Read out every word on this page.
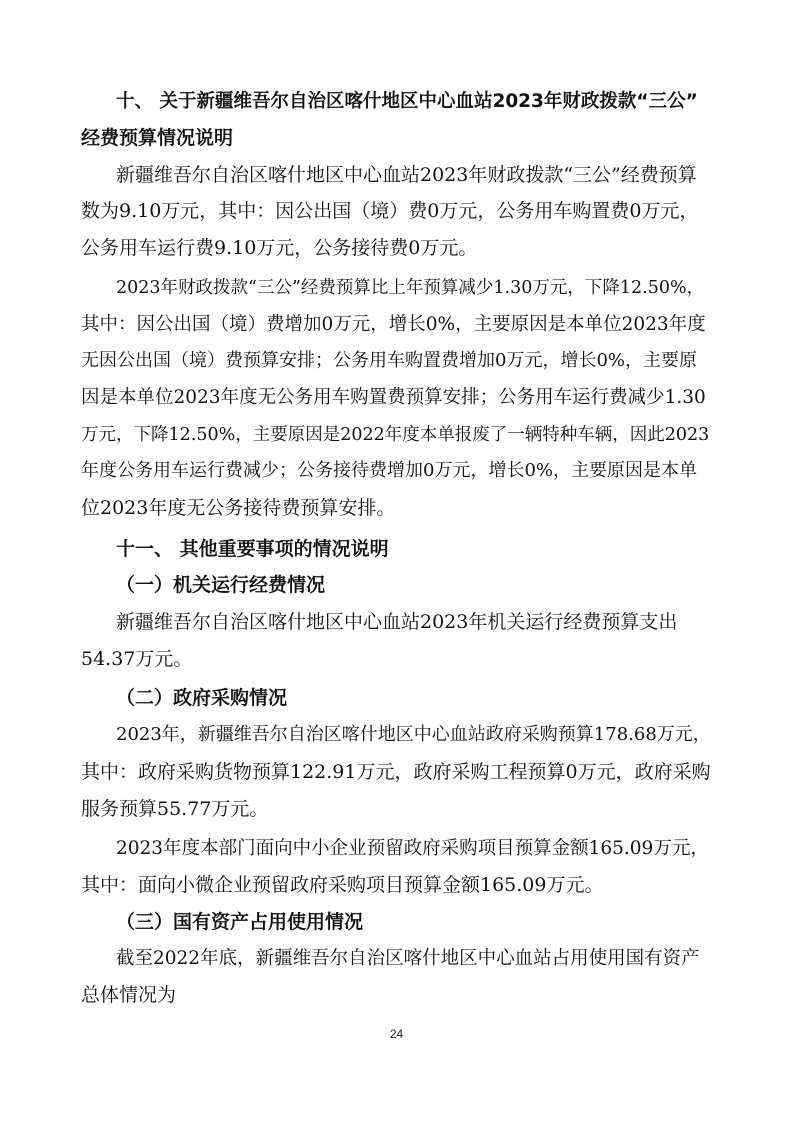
十、 关于新疆维吾尔自治区喀什地区中心血站2023年财政拨款“三公”
经费预算情况说明
新疆维吾尔自治区喀什地区中心血站2023年财政拨款“三公”经费预算
数为9.10万元，其中：因公出国（境）费0万元，公务用车购置费0万元，
公务用车运行费9.10万元，公务接待费0万元。
2023年财政拨款“三公”经费预算比上年预算减少1.30万元，下降12.50%，
其中：因公出国（境）费增加0万元，增长0%，主要原因是本单位2023年度
无因公出国（境）费预算安排；公务用车购置费增加0万元，增长0%，主要原
因是本单位2023年度无公务用车购置费预算安排；公务用车运行费减少1.30
万元，下降12.50%，主要原因是2022年度本单报废了一辆特种车辆，因此2023
年度公务用车运行费减少；公务接待费增加0万元，增长0%，主要原因是本单
位2023年度无公务接待费预算安排。
十一、 其他重要事项的情况说明
（一）机关运行经费情况
新疆维吾尔自治区喀什地区中心血站2023年机关运行经费预算支出
54.37万元。
（二）政府采购情况
2023年，新疆维吾尔自治区喀什地区中心血站政府采购预算178.68万元，
其中：政府采购货物预算122.91万元，政府采购工程预算0万元，政府采购
服务预算55.77万元。
2023年度本部门面向中小企业预留政府采购项目预算金额165.09万元，
其中：面向小微企业预留政府采购项目预算金额165.09万元。
（三）国有资产占用使用情况
截至2022年底，新疆维吾尔自治区喀什地区中心血站占用使用国有资产
总体情况为
24
